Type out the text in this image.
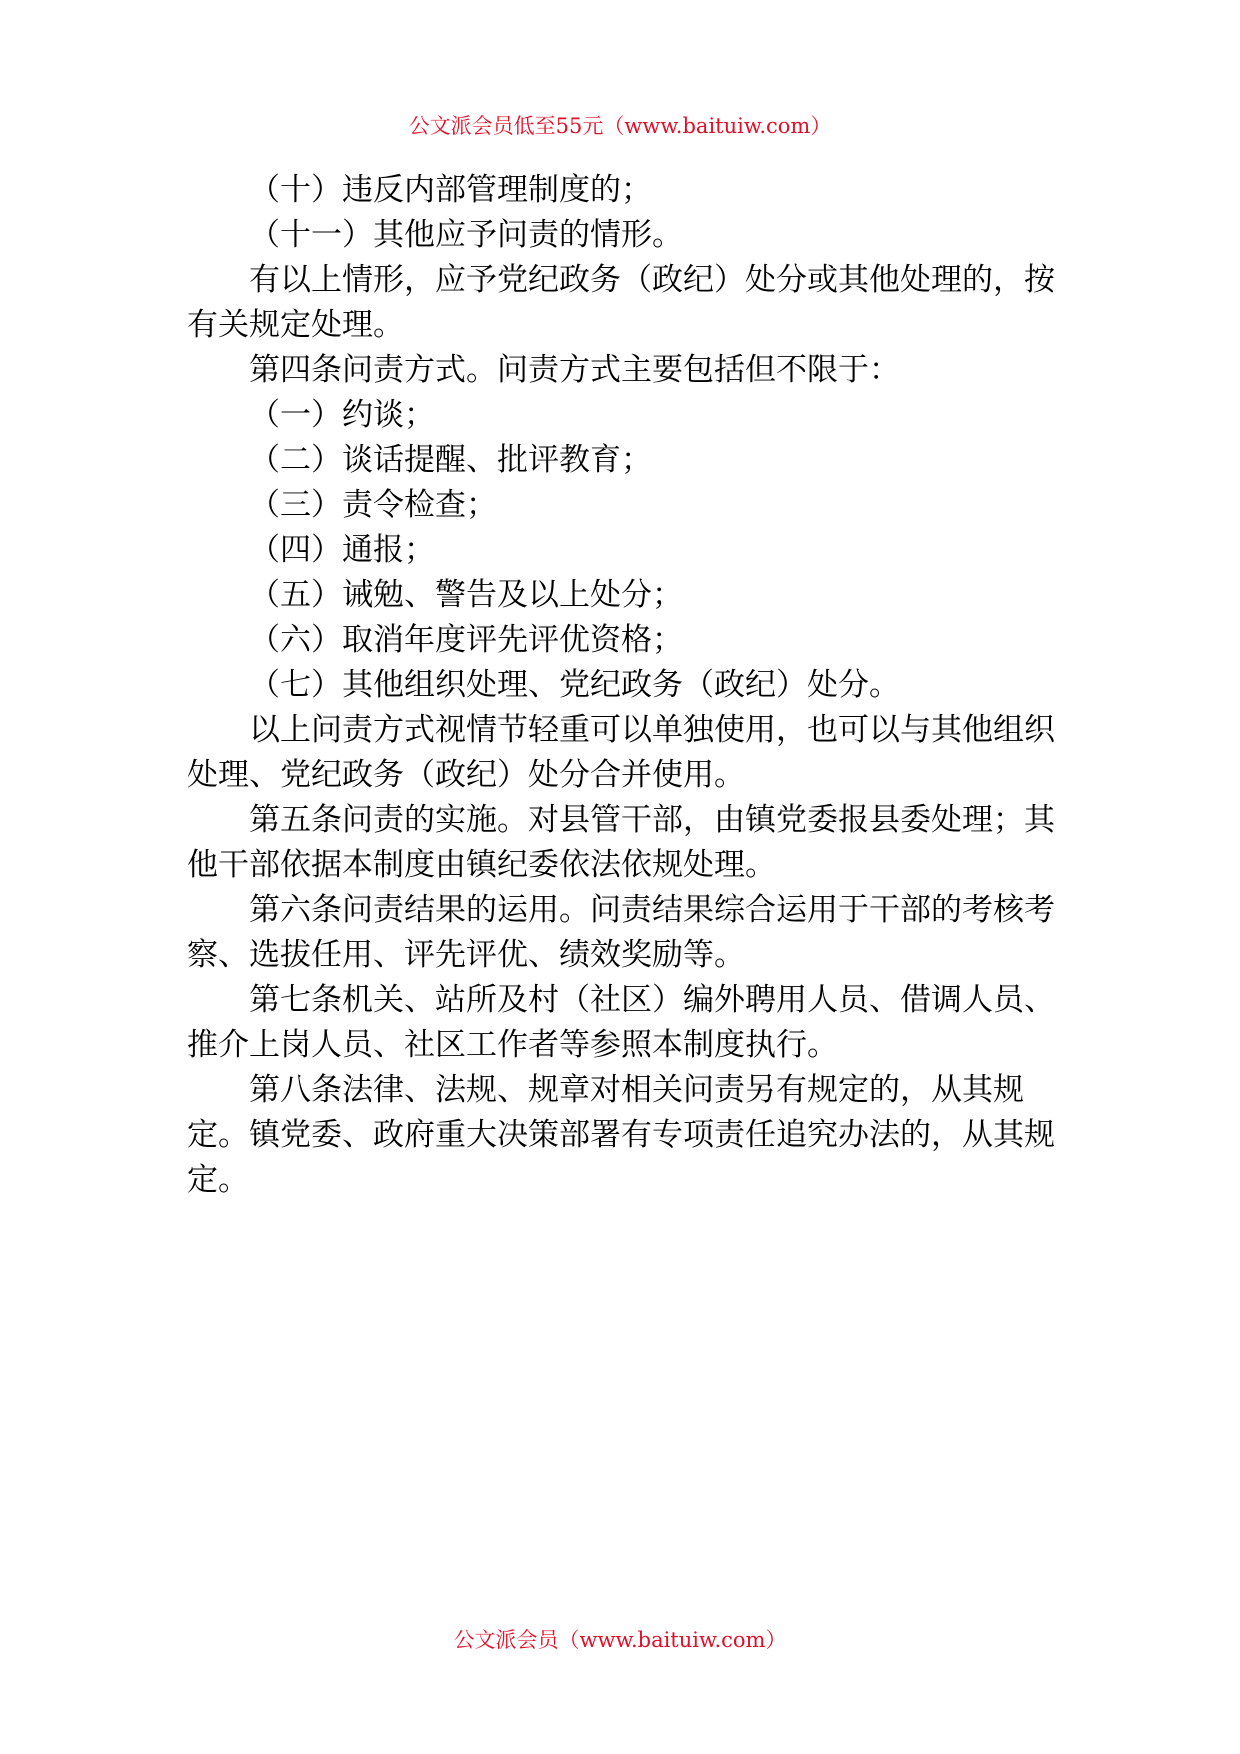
公文派会员低至55元（www.baituiw.com）

（十）违反内部管理制度的；

（十一）其他应予问责的情形。

有以上情形，应予党纪政务（政纪）处分或其他处理的，按有关规定处理。

第四条问责方式。问责方式主要包括但不限于：

（一）约谈；

（二）谈话提醒、批评教育；

（三）责令检查；

（四）通报；

（五）诫勉、警告及以上处分；

（六）取消年度评先评优资格；

（七）其他组织处理、党纪政务（政纪）处分。

以上问责方式视情节轻重可以单独使用，也可以与其他组织处理、党纪政务（政纪）处分合并使用。

第五条问责的实施。对县管干部，由镇党委报县委处理；其他干部依据本制度由镇纪委依法依规处理。

第六条问责结果的运用。问责结果综合运用于干部的考核考察、选拔任用、评先评优、绩效奖励等。

第七条机关、站所及村（社区）编外聘用人员、借调人员、推介上岗人员、社区工作者等参照本制度执行。

第八条法律、法规、规章对相关问责另有规定的，从其规定。镇党委、政府重大决策部署有专项责任追究办法的，从其规定。

公文派会员（www.baituiw.com）
